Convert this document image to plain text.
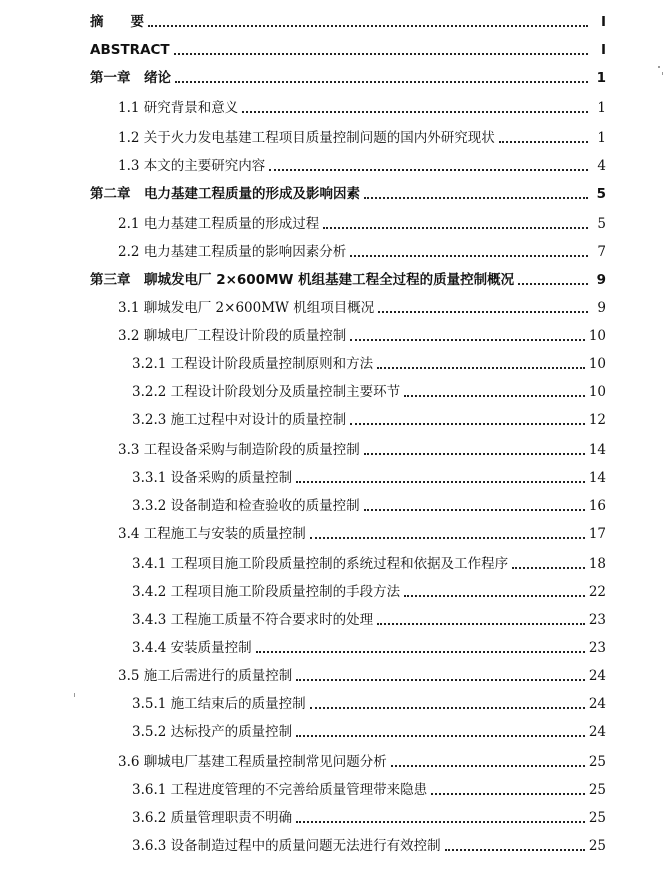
摘　　要	I
ABSTRACT	I
第一章　绪论	1
1.1 研究背景和意义	1
1.2 关于火力发电基建工程项目质量控制问题的国内外研究现状	1
1.3 本文的主要研究内容	4
第二章　电力基建工程质量的形成及影响因素	5
2.1 电力基建工程质量的形成过程	5
2.2 电力基建工程质量的影响因素分析	7
第三章　聊城发电厂 2×600MW 机组基建工程全过程的质量控制概况	9
3.1 聊城发电厂 2×600MW 机组项目概况	9
3.2 聊城电厂工程设计阶段的质量控制	10
3.2.1 工程设计阶段质量控制原则和方法	10
3.2.2 工程设计阶段划分及质量控制主要环节	10
3.2.3 施工过程中对设计的质量控制	12
3.3 工程设备采购与制造阶段的质量控制	14
3.3.1 设备采购的质量控制	14
3.3.2 设备制造和检查验收的质量控制	16
3.4 工程施工与安装的质量控制	17
3.4.1 工程项目施工阶段质量控制的系统过程和依据及工作程序	18
3.4.2 工程项目施工阶段质量控制的手段方法	22
3.4.3 工程施工质量不符合要求时的处理	23
3.4.4 安装质量控制	23
3.5 施工后需进行的质量控制	24
3.5.1 施工结束后的质量控制	24
3.5.2 达标投产的质量控制	24
3.6 聊城电厂基建工程质量控制常见问题分析	25
3.6.1 工程进度管理的不完善给质量管理带来隐患	25
3.6.2 质量管理职责不明确	25
3.6.3 设备制造过程中的质量问题无法进行有效控制	25
